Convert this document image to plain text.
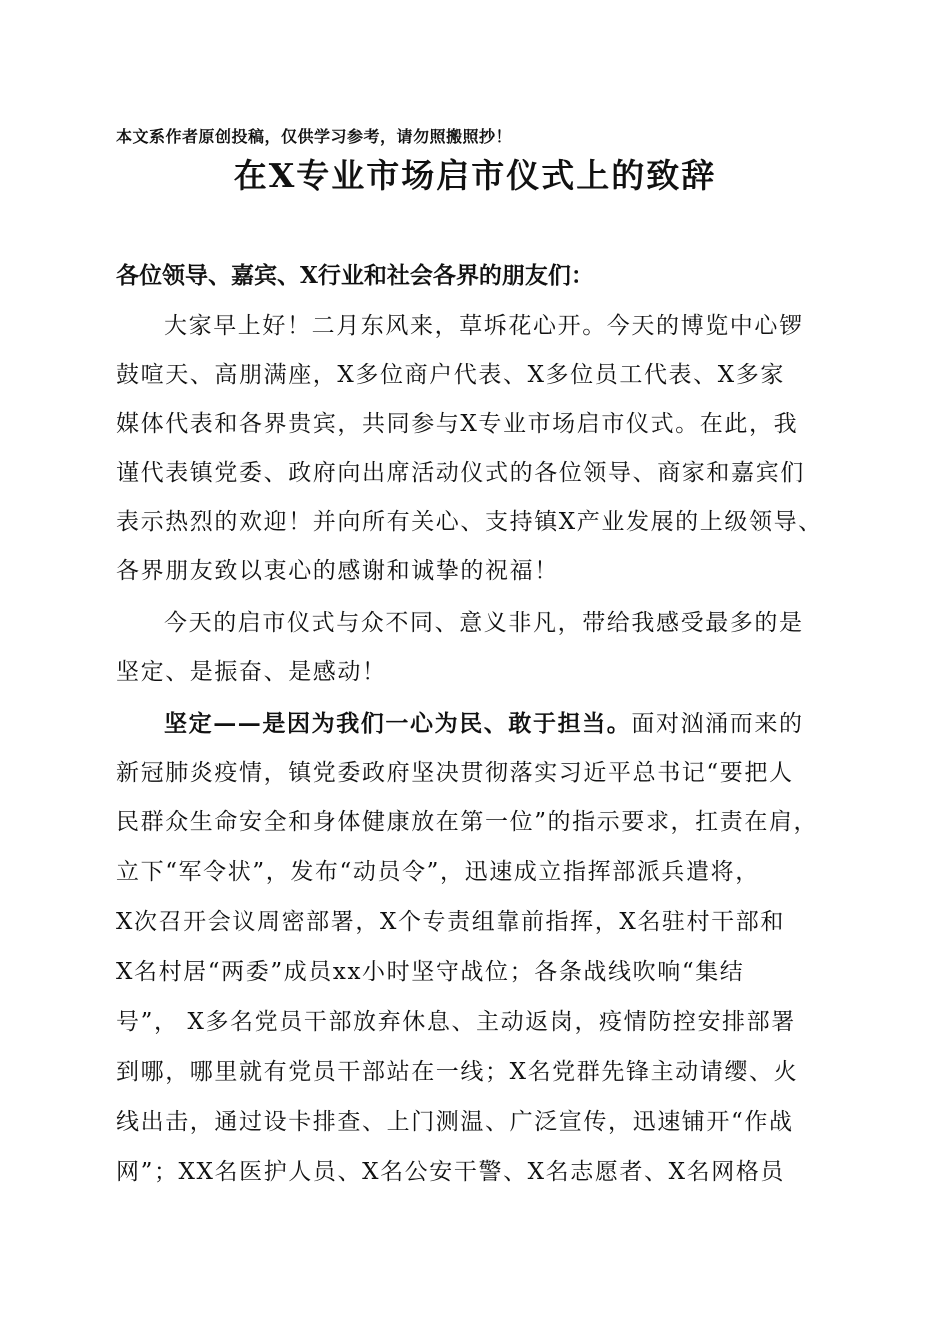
本文系作者原创投稿，仅供学习参考，请勿照搬照抄！
在X专业市场启市仪式上的致辞
各位领导、嘉宾、X行业和社会各界的朋友们：
大家早上好！二月东风来，草坼花心开。今天的博览中心锣
鼓喧天、高朋满座，X多位商户代表、X多位员工代表、X多家
媒体代表和各界贵宾，共同参与X专业市场启市仪式。在此，我
谨代表镇党委、政府向出席活动仪式的各位领导、商家和嘉宾们
表示热烈的欢迎！并向所有关心、支持镇X产业发展的上级领导、
各界朋友致以衷心的感谢和诚挚的祝福！
今天的启市仪式与众不同、意义非凡，带给我感受最多的是
坚定、是振奋、是感动！
坚定——是因为我们一心为民、敢于担当。面对汹涌而来的
新冠肺炎疫情，镇党委政府坚决贯彻落实习近平总书记“要把人
民群众生命安全和身体健康放在第一位”的指示要求，扛责在肩，
立下“军令状”，发布“动员令”，迅速成立指挥部派兵遣将，
X次召开会议周密部署，X个专责组靠前指挥，X名驻村干部和
X名村居“两委”成员xx小时坚守战位；各条战线吹响“集结
号”， X多名党员干部放弃休息、主动返岗，疫情防控安排部署
到哪，哪里就有党员干部站在一线；X名党群先锋主动请缨、火
线出击，通过设卡排查、上门测温、广泛宣传，迅速铺开“作战
网”；XX名医护人员、X名公安干警、X名志愿者、X名网格员
